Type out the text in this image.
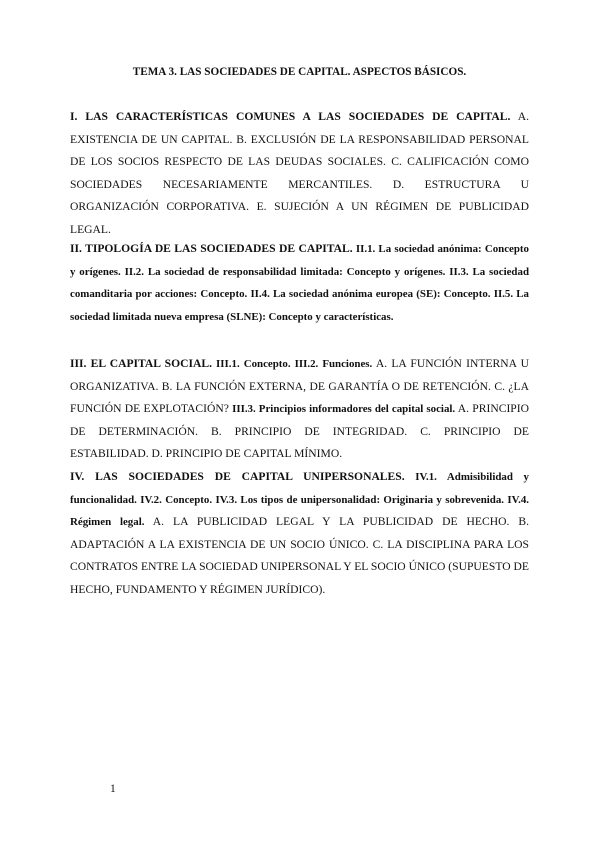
TEMA 3. LAS SOCIEDADES DE CAPITAL. ASPECTOS BÁSICOS.

I. LAS CARACTERÍSTICAS COMUNES A LAS SOCIEDADES DE CAPITAL. A. EXISTENCIA DE UN CAPITAL. B. EXCLUSIÓN DE LA RESPONSABILIDAD PERSONAL DE LOS SOCIOS RESPECTO DE LAS DEUDAS SOCIALES. C. CALIFICACIÓN COMO SOCIEDADES NECESARIAMENTE MERCANTILES. D. ESTRUCTURA U ORGANIZACIÓN CORPORATIVA. E. SUJECIÓN A UN RÉGIMEN DE PUBLICIDAD LEGAL.

II. TIPOLOGÍA DE LAS SOCIEDADES DE CAPITAL. II.1. La sociedad anónima: Concepto y orígenes. II.2. La sociedad de responsabilidad limitada: Concepto y orígenes. II.3. La sociedad comanditaria por acciones: Concepto. II.4. La sociedad anónima europea (SE): Concepto. II.5. La sociedad limitada nueva empresa (SLNE): Concepto y características.

III. EL CAPITAL SOCIAL. III.1. Concepto. III.2. Funciones. A. LA FUNCIÓN INTERNA U ORGANIZATIVA. B. LA FUNCIÓN EXTERNA, DE GARANTÍA O DE RETENCIÓN. C. ¿LA FUNCIÓN DE EXPLOTACIÓN? III.3. Principios informadores del capital social. A. PRINCIPIO DE DETERMINACIÓN. B. PRINCIPIO DE INTEGRIDAD. C. PRINCIPIO DE ESTABILIDAD. D. PRINCIPIO DE CAPITAL MÍNIMO.

IV. LAS SOCIEDADES DE CAPITAL UNIPERSONALES. IV.1. Admisibilidad y funcionalidad. IV.2. Concepto. IV.3. Los tipos de unipersonalidad: Originaria y sobrevenida. IV.4. Régimen legal. A. LA PUBLICIDAD LEGAL Y LA PUBLICIDAD DE HECHO. B. ADAPTACIÓN A LA EXISTENCIA DE UN SOCIO ÚNICO. C. LA DISCIPLINA PARA LOS CONTRATOS ENTRE LA SOCIEDAD UNIPERSONAL Y EL SOCIO ÚNICO (SUPUESTO DE HECHO, FUNDAMENTO Y RÉGIMEN JURÍDICO).

1
